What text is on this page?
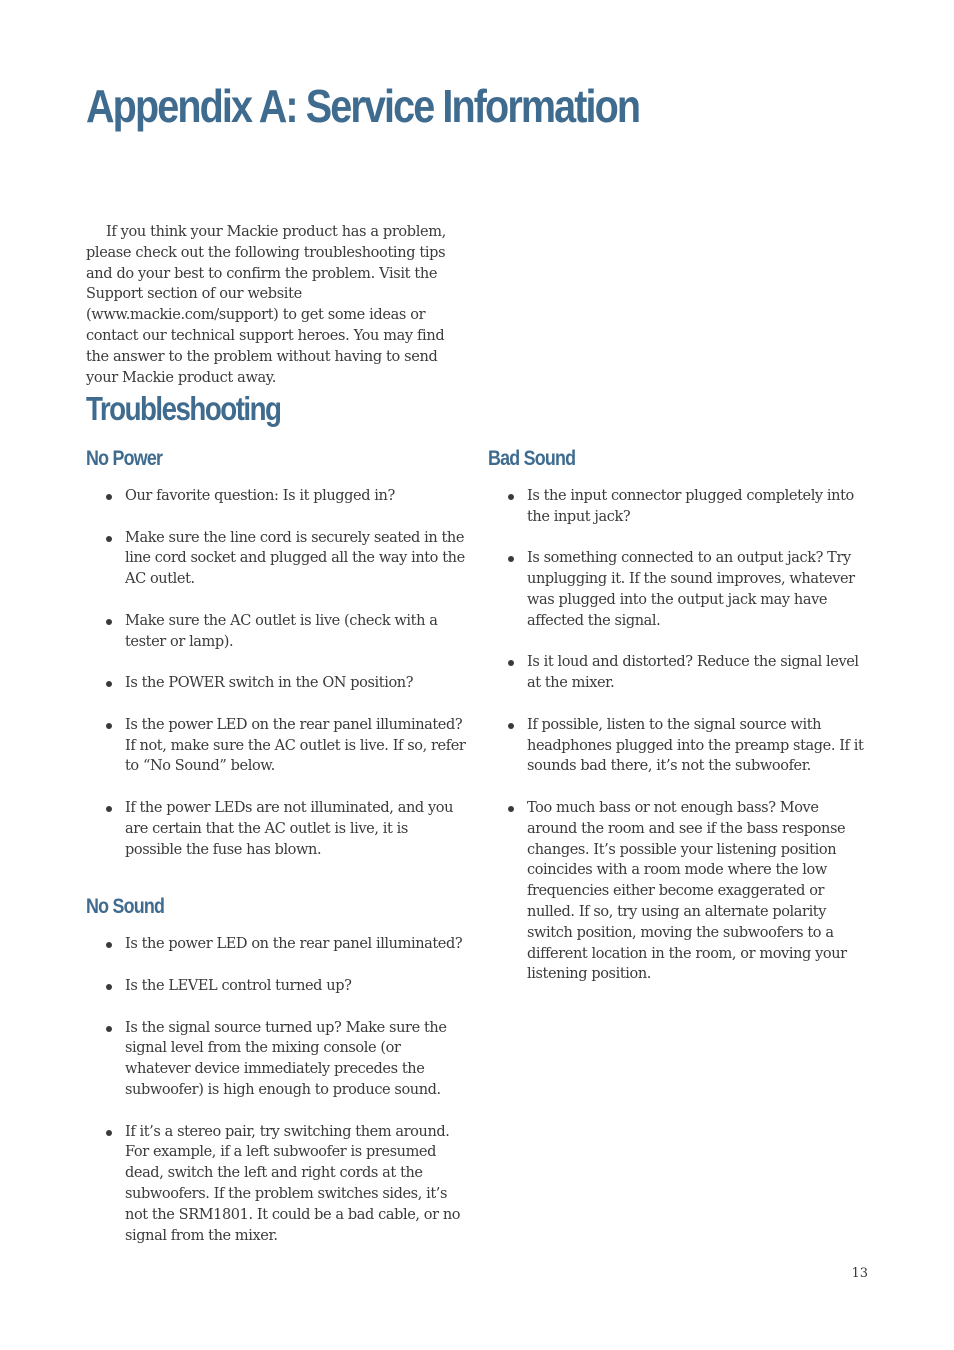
Appendix A: Service Information

If you think your Mackie product has a problem, please check out the following troubleshooting tips and do your best to confirm the problem. Visit the Support section of our website (www.mackie.com/support) to get some ideas or contact our technical support heroes. You may find the answer to the problem without having to send your Mackie product away.

Troubleshooting
No Power
Our favorite question: Is it plugged in?
Make sure the line cord is securely seated in the line cord socket and plugged all the way into the AC outlet.
Make sure the AC outlet is live (check with a tester or lamp).
Is the POWER switch in the ON position?
Is the power LED on the rear panel illuminated? If not, make sure the AC outlet is live. If so, refer to “No Sound” below.
If the power LEDs are not illuminated, and you are certain that the AC outlet is live, it is possible the fuse has blown.
No Sound
Is the power LED on the rear panel illuminated?
Is the LEVEL control turned up?
Is the signal source turned up? Make sure the signal level from the mixing console (or whatever device immediately precedes the subwoofer) is high enough to produce sound.
If it’s a stereo pair, try switching them around. For example, if a left subwoofer is presumed dead, switch the left and right cords at the subwoofers. If the problem switches sides, it’s not the SRM1801. It could be a bad cable, or no signal from the mixer.
Bad Sound
Is the input connector plugged completely into the input jack?
Is something connected to an output jack? Try unplugging it. If the sound improves, whatever was plugged into the output jack may have affected the signal.
Is it loud and distorted? Reduce the signal level at the mixer.
If possible, listen to the signal source with headphones plugged into the preamp stage. If it sounds bad there, it’s not the subwoofer.
Too much bass or not enough bass? Move around the room and see if the bass response changes. It’s possible your listening position coincides with a room mode where the low frequencies either become exaggerated or nulled. If so, try using an alternate polarity switch position, moving the subwoofers to a different location in the room, or moving your listening position.

13
